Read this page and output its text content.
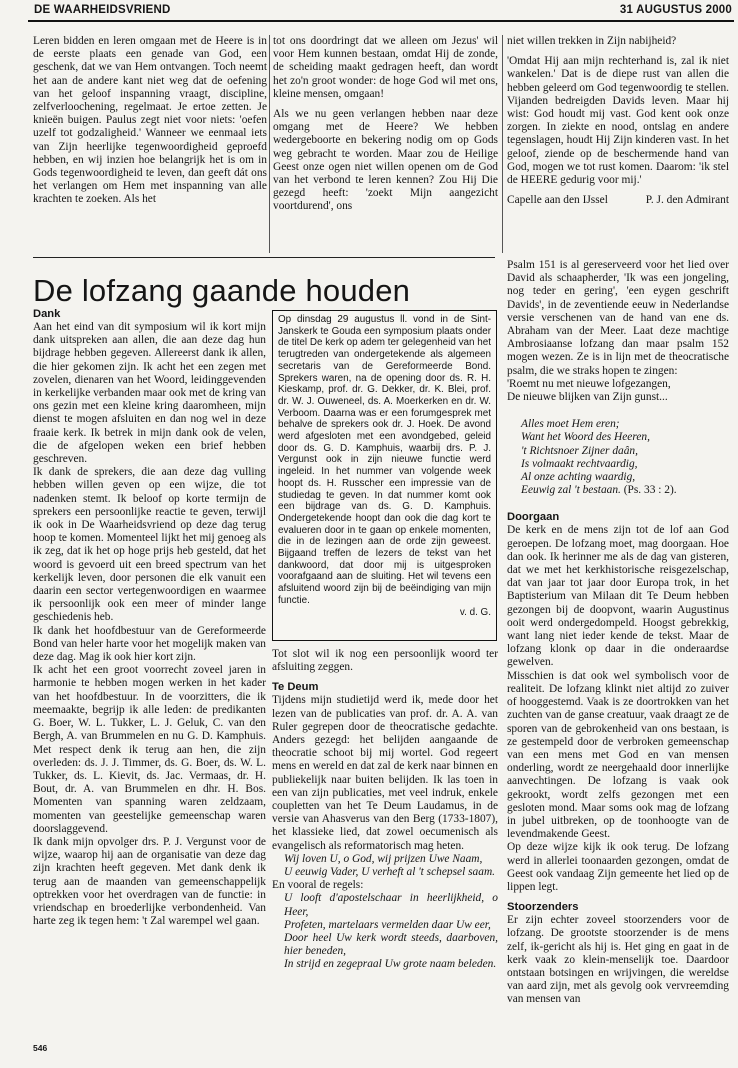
DE WAARHEIDSVRIEND	31 AUGUSTUS 2000

Leren bidden en leren omgaan met de Heere is in de eerste plaats een genade van God, een geschenk, dat we van Hem ontvangen. Toch neemt het aan de andere kant niet weg dat de oefening van het geloof inspanning vraagt, discipline, zelfverloochening, regelmaat. Je ertoe zetten. Je knieën buigen. Paulus zegt niet voor niets: 'oefen uzelf tot godzaligheid.' Wanneer we eenmaal iets van Zijn heerlijke tegenwoordigheid geproefd hebben, en wij inzien hoe belangrijk het is om in Gods tegenwoordigheid te leven, dan geeft dát ons het verlangen om Hem met inspanning van alle krachten te zoeken. Als het

tot ons doordringt dat we alleen om Jezus' wil voor Hem kunnen bestaan, omdat Hij de zonde, de scheiding maakt gedragen heeft, dan wordt het zo'n groot wonder: de hoge God wil met ons, kleine mensen, omgaan!

Als we nu geen verlangen hebben naar deze omgang met de Heere? We hebben wedergeboorte en bekering nodig om op Gods weg gebracht te worden. Maar zou de Heilige Geest onze ogen niet willen openen om de God van het verbond te leren kennen? Zou Hij Die gezegd heeft: 'zoekt Mijn aangezicht voortdurend', ons

niet willen trekken in Zijn nabijheid?

'Omdat Hij aan mijn rechterhand is, zal ik niet wankelen.' Dat is de diepe rust van allen die hebben geleerd om God tegenwoordig te stellen. Vijanden bedreigden Davids leven. Maar hij wist: God houdt mij vast. God kent ook onze zorgen. In ziekte en nood, ontslag en andere tegenslagen, houdt Hij Zijn kinderen vast. In het geloof, ziende op de beschermende hand van God, mogen we tot rust komen. Daarom: 'ik stel de HEERE gedurig voor mij.'

Capelle aan den IJssel	P. J. den Admirant
De lofzang gaande houden
Dank

Aan het eind van dit symposium wil ik kort mijn dank uitspreken aan allen, die aan deze dag hun bijdrage hebben gegeven. Allereerst dank ik allen, die hier gekomen zijn. Ik acht het een zegen met zovelen, dienaren van het Woord, leidinggevenden in kerkelijke verbanden maar ook met de kring van ons gezin met een kleine kring daaromheen, mijn dienst te mogen afsluiten en dan nog wel in deze fraaie kerk. Ik betrek in mijn dank ook de velen, die de afgelopen weken een brief hebben geschreven.

Ik dank de sprekers, die aan deze dag vulling hebben willen geven op een wijze, die tot nadenken stemt. Ik beloof op korte termijn de sprekers een persoonlijke reactie te geven, terwijl ik ook in De Waarheidsvriend op deze dag terug hoop te komen. Momenteel lijkt het mij genoeg als ik zeg, dat ik het op hoge prijs heb gesteld, dat het woord is gevoerd uit een breed spectrum van het kerkelijk leven, door personen die elk vanuit een daarin een sector vertegenwoordigen en waarmee ik persoonlijk ook een meer of minder lange geschiedenis heb.

Ik dank het hoofdbestuur van de Gereformeerde Bond van heler harte voor het mogelijk maken van deze dag. Mag ik ook hier kort zijn.

Ik acht het een groot voorrecht zoveel jaren in harmonie te hebben mogen werken in het kader van het hoofdbestuur. In de voorzitters, die ik meemaakte, begrijp ik alle leden: de predikanten G. Boer, W. L. Tukker, L. J. Geluk, C. van den Bergh, A. van Brummelen en nu G. D. Kamphuis. Met respect denk ik terug aan hen, die zijn overleden: ds. J. J. Timmer, ds. G. Boer, ds. W. L. Tukker, ds. L. Kievit, ds. Jac. Vermaas, dr. H. Bout, dr. A. van Brummelen en dhr. H. Bos. Momenten van spanning waren zeldzaam, momenten van geestelijke gemeenschap waren doorslaggevend.

Ik dank mijn opvolger drs. P. J. Vergunst voor de wijze, waarop hij aan de organisatie van deze dag zijn krachten heeft gegeven. Met dank denk ik terug aan de maanden van gemeenschappelijk optrekken voor het overdragen van de functie: in vriendschap en broederlijke verbondenheid. Van harte zeg ik tegen hem: 't Zal warempel wel gaan.

Op dinsdag 29 augustus ll. vond in de Sint-Janskerk te Gouda een symposium plaats onder de titel De kerk op adem ter gelegenheid van het terugtreden van ondergetekende als algemeen secretaris van de Gereformeerde Bond. Sprekers waren, na de opening door ds. R. H. Kieskamp, prof. dr. G. Dekker, dr. K. Blei, prof. dr. W. J. Ouweneel, ds. A. Moerkerken en dr. W. Verboom. Daarna was er een forumgesprek met behalve de sprekers ook dr. J. Hoek. De avond werd afgesloten met een avondgebed, geleid door ds. G. D. Kamphuis, waarbij drs. P. J. Vergunst ook in zijn nieuwe functie werd ingeleid. In het nummer van volgende week hoopt ds. H. Russcher een impressie van de studiedag te geven. In dat nummer komt ook een bijdrage van ds. G. D. Kamphuis. Ondergetekende hoopt dan ook die dag kort te evalueren door in te gaan op enkele momenten, die in de lezingen aan de orde zijn geweest. Bijgaand treffen de lezers de tekst van het dankwoord, dat door mij is uitgesproken voorafgaand aan de sluiting. Het wil tevens een afsluitend woord zijn bij de beëindiging van mijn functie.

v. d. G.

Tot slot wil ik nog een persoonlijk woord ter afsluiting zeggen.

Te Deum

Tijdens mijn studietijd werd ik, mede door het lezen van de publicaties van prof. dr. A. A. van Ruler gegrepen door de theocratische gedachte. Anders gezegd: het belijden aangaande de theocratie schoot bij mij wortel. God regeert mens en wereld en dat zal de kerk naar binnen en publiekelijk naar buiten belijden. Ik las toen in een van zijn publicaties, met veel indruk, enkele coupletten van het Te Deum Laudamus, in de versie van Ahasverus van den Berg (1733-1807), het klassieke lied, dat zowel oecumenisch als evangelisch als reformatorisch mag heten.

Wij loven U, o God, wij prijzen Uwe Naam,
U eeuwig Vader, U verheft al 't schepsel saam.

En vooral de regels:

U looft d'apostelschaar in heerlijkheid, o Heer,
Profeten, martelaars vermelden daar Uw eer,
Door heel Uw kerk wordt steeds, daarboven, hier beneden,
In strijd en zegepraal Uw grote naam beleden.

Psalm 151 is al gereserveerd voor het lied over David als schaapherder, 'Ik was een jongeling, nog teder en gering', 'een eygen geschrift Davids', in de zeventiende eeuw in Nederlandse versie verschenen van de hand van ene ds. Abraham van der Meer. Laat deze machtige Ambrosiaanse lofzang dan maar psalm 152 mogen wezen. Ze is in lijn met de theocratische psalm, die we straks hopen te zingen:

'Roemt nu met nieuwe lofgezangen,
De nieuwe blijken van Zijn gunst...
Alles moet Hem eren;
Want het Woord des Heeren,
't Richtsnoer Zijner daân,
Is volmaakt rechtvaardig,
Al onze achting waardig,
Eeuwig zal 't bestaan. (Ps. 33 : 2).
Doorgaan

De kerk en de mens zijn tot de lof aan God geroepen. De lofzang moet, mag doorgaan. Hoe dan ook. Ik herinner me als de dag van gisteren, dat we met het kerkhistorische reisgezelschap, dat van jaar tot jaar door Europa trok, in het Baptisterium van Milaan dit Te Deum hebben gezongen bij de doopvont, waarin Augustinus ooit werd ondergedompeld. Hoogst gebrekkig, want lang niet ieder kende de tekst. Maar de lofzang klonk op daar in die onderaardse gewelven.

Misschien is dat ook wel symbolisch voor de realiteit. De lofzang klinkt niet altijd zo zuiver of hooggestemd. Vaak is ze doortrokken van het zuchten van de ganse creatuur, vaak draagt ze de sporen van de gebrokenheid van ons bestaan, is ze gestempeld door de verbroken gemeenschap van een mens met God en van mensen onderling, wordt ze neergehaald door innerlijke aanvechtingen. De lofzang is vaak ook gekrookt, wordt zelfs gezongen met een gesloten mond. Maar soms ook mag de lofzang in jubel uitbreken, op de toonhoogte van de levendmakende Geest.

Op deze wijze kijk ik ook terug. De lofzang werd in allerlei toonaarden gezongen, omdat de Geest ook vandaag Zijn gemeente het lied op de lippen legt.

Stoorzenders

Er zijn echter zoveel stoorzenders voor de lofzang. De grootste stoorzender is de mens zelf, ik-gericht als hij is. Het ging en gaat in de kerk vaak zo klein-menselijk toe. Daardoor ontstaan botsingen en wrijvingen, die wereldse van aard zijn, met als gevolg ook vervreemding van mensen van

546
